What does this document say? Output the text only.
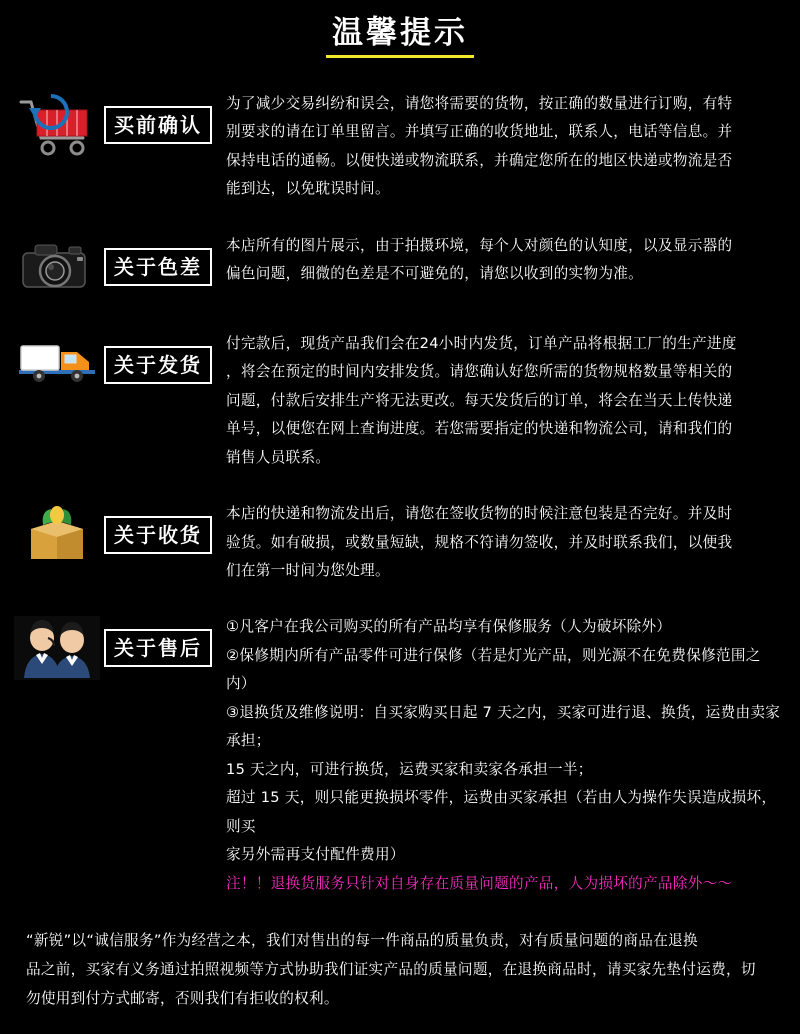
温馨提示
买前确认

为了减少交易纠纷和误会，请您将需要的货物，按正确的数量进行订购，有特

别要求的请在订单里留言。并填写正确的收货地址，联系人，电话等信息。并

保持电话的通畅。以便快递或物流联系，并确定您所在的地区快递或物流是否

能到达，以免耽误时间。

关于色差

本店所有的图片展示，由于拍摄环境，每个人对颜色的认知度，以及显示器的

偏色问题，细微的色差是不可避免的，请您以收到的实物为准。

关于发货

付完款后，现货产品我们会在24小时内发货，订单产品将根据工厂的生产进度

，将会在预定的时间内安排发货。请您确认好您所需的货物规格数量等相关的

问题，付款后安排生产将无法更改。每天发货后的订单，将会在当天上传快递

单号，以便您在网上查询进度。若您需要指定的快递和物流公司，请和我们的

销售人员联系。

关于收货

本店的快递和物流发出后，请您在签收货物的时候注意包装是否完好。并及时

验货。如有破损，或数量短缺，规格不符请勿签收，并及时联系我们，以便我

们在第一时间为您处理。

关于售后

①凡客户在我公司购买的所有产品均享有保修服务（人为破坏除外）

②保修期内所有产品零件可进行保修（若是灯光产品，则光源不在免费保修范围之内）

③退换货及维修说明：自买家购买日起 7 天之内，买家可进行退、换货，运费由卖家承担；

15 天之内，可进行换货，运费买家和卖家各承担一半；

超过 15 天，则只能更换损坏零件，运费由买家承担（若由人为操作失误造成损坏，则买

家另外需再支付配件费用）

注！！退换货服务只针对自身存在质量问题的产品，人为损坏的产品除外～～

“新锐”以“诚信服务”作为经营之本，我们对售出的每一件商品的质量负责，对有质量问题的商品在退换

品之前，买家有义务通过拍照视频等方式协助我们证实产品的质量问题，在退换商品时，请买家先垫付运费，切

勿使用到付方式邮寄，否则我们有拒收的权利。
